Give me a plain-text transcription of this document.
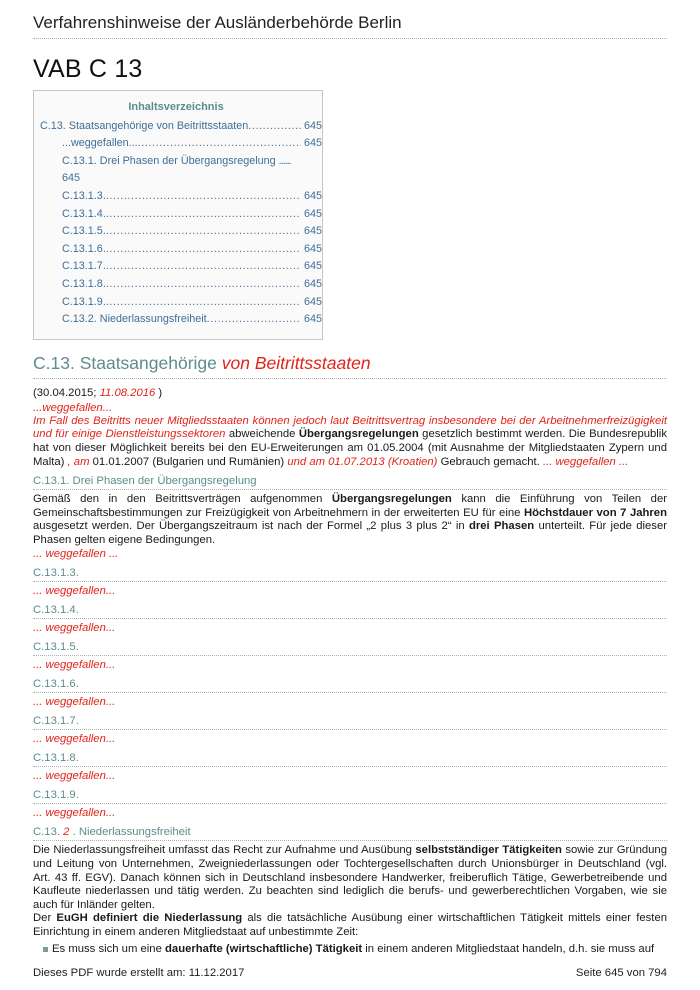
Verfahrenshinweise der Ausländerbehörde Berlin
VAB C 13
Inhaltsverzeichnis
C.13. Staatsangehörige von Beitrittsstaaten . . .	645
...weggefallen... . . .	645
C.13.1. Drei Phasen der Übergangsregelung ......
645
C.13.1.3. . . .	645
C.13.1.4. . . .	645
C.13.1.5. . . .	645
C.13.1.6. . . .	645
C.13.1.7. . . .	645
C.13.1.8. . . .	645
C.13.1.9. . . .	645
C.13.2. Niederlassungsfreiheit . . .	645
C.13. Staatsangehörige von Beitrittsstaaten
(30.04.2015; 11.08.2016 )
...weggefallen...
Im Fall des Beitritts neuer Mitgliedsstaaten können jedoch laut Beitrittsvertrag insbesondere bei der Arbeitnehmerfreizügigkeit und für einige Dienstleistungssektoren abweichende Übergangsregelungen gesetzlich bestimmt werden. Die Bundesrepublik hat von dieser Möglichkeit bereits bei den EU-Erweiterungen am 01.05.2004 (mit Ausnahme der Mitgliedstaaten Zypern und Malta) , am 01.01.2007 (Bulgarien und Rumänien) und am 01.07.2013 (Kroatien) Gebrauch gemacht. ... weggefallen ...
C.13.1. Drei Phasen der Übergangsregelung
Gemäß den in den Beitrittsverträgen aufgenommen Übergangsregelungen kann die Einführung von Teilen der Gemeinschaftsbestimmungen zur Freizügigkeit von Arbeitnehmern in der erweiterten EU für eine Höchstdauer von 7 Jahren ausgesetzt werden. Der Übergangszeitraum ist nach der Formel „2 plus 3 plus 2“ in drei Phasen unterteilt. Für jede dieser Phasen gelten eigene Bedingungen.
... weggefallen ...
C.13.1.3.
... weggefallen...
C.13.1.4.
... weggefallen...
C.13.1.5.
... weggefallen...
C.13.1.6.
... weggefallen...
C.13.1.7.
... weggefallen...
C.13.1.8.
... weggefallen...
C.13.1.9.
... weggefallen...
C.13. 2 . Niederlassungsfreiheit
Die Niederlassungsfreiheit umfasst das Recht zur Aufnahme und Ausübung selbstständiger Tätigkeiten sowie zur Gründung und Leitung von Unternehmen, Zweigniederlassungen oder Tochtergesellschaften durch Unionsbürger in Deutschland (vgl. Art. 43 ff. EGV). Danach können sich in Deutschland insbesondere Handwerker, freiberuflich Tätige, Gewerbetreibende und Kaufleute niederlassen und tätig werden. Zu beachten sind lediglich die berufs- und gewerberechtlichen Vorgaben, wie sie auch für Inländer gelten.
Der EuGH definiert die Niederlassung als die tatsächliche Ausübung einer wirtschaftlichen Tätigkeit mittels einer festen Einrichtung in einem anderen Mitgliedstaat auf unbestimmte Zeit:
Es muss sich um eine dauerhafte (wirtschaftliche) Tätigkeit in einem anderen Mitgliedstaat handeln, d.h. sie muss auf
Dieses PDF wurde erstellt am: 11.12.2017	Seite 645 von 794
